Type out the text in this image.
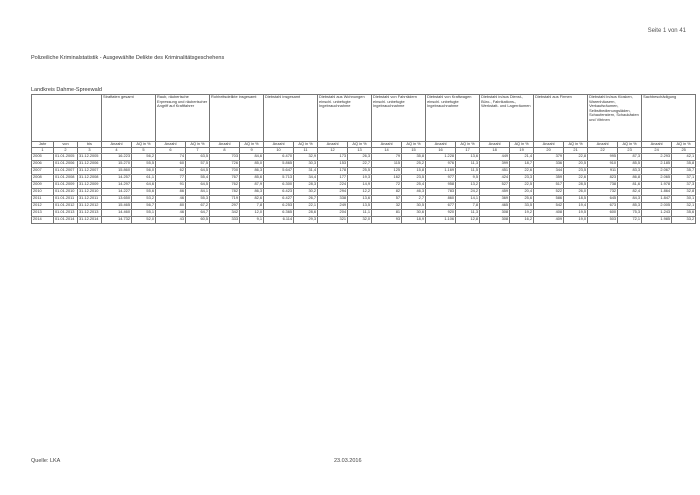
Seite 1 von 41
Polizeiliche Kriminalstatistik - Ausgewählte Delikte des Kriminalitätsgeschehens
Landkreis Dahme-Spreewald
			Straftaten gesamt		Raub, räuberische Erpressung und räuberischer Angriff auf Kraftfahrer		Rohheitsdelikte insgesamt		Diebstahl insgesamt		Diebstahl aus Wohnungen einschl. unbefugte Ingebrauchnahme		Diebstahl von Fahrrädern einschl. unbefugte Ingebrauchnahme		Diebstahl von Kraftwagen einschl. unbefugte Ingebrauchnahme		Diebstahl in/aus Dienst-, Büro-, Fabrikations-, Werkstatt- und Lagerräumen		Diebstahl aus Firmen		Diebstahl in/aus Kiosken, Warenhäusern, Verkaufsräumen, Selbstbedienungsläden, Schaufenstern, Schaukästen und Vitrinen		Sachbeschädigung	
Jahr	von	bis	Anzahl	AQ in %	Anzahl	AQ in %	Anzahl	AQ in %	Anzahl	AQ in %	Anzahl	AQ in %	Anzahl	AQ in %	Anzahl	AQ in %	Anzahl	AQ in %	Anzahl	AQ in %	Anzahl	AQ in %	Anzahl	AQ in %
1	2	3	4	5	6	7	8	9	10	11	12	13	14	15	16	17	18	19	20	21	22	23	24	25
2005	01.01.2005	31.12.2005	16.223	56,2	74	63,5	703	84,6	6.470	32,9	173	26,3	79	35,8	1.228	13,6	449	21,4	379	22,8	995	87,3	2.293	42,1
2006	01.01.2006	31.12.2006	15.270	55,5	60	57,5	726	85,0	5.865	30,3	153	22,7	115	25,2	976	11,3	399	18,7	336	20,5	910	85,5	2.185	35,8
2007	01.01.2007	31.12.2007	15.860	56,0	62	64,5	700	86,3	5.647	31,4	178	25,5	125	15,8	1.169	11,5	451	22,6	344	23,5	911	83,3	2.067	35,7
2008	01.01.2008	31.12.2008	14.257	61,1	77	55,4	767	85,6	5.713	34,4	177	19,3	162	23,5	977	9,5	424	23,3	359	22,6	823	86,8	2.065	37,1
2009	01.01.2009	31.12.2009	14.297	64,6	91	64,5	762	87,9	6.300	28,3	224	14,9	72	25,4	958	13,2	527	22,5	517	28,5	738	81,6	1.978	37,3
2010	01.01.2010	31.12.2010	14.227	55,6	86	84,1	782	86,3	6.423	30,2	294	12,2	82	46,3	783	24,2	459	20,4	522	26,0	732	82,4	1.864	32,8
2011	01.01.2011	31.12.2011	13.650	53,2	46	55,3	719	82,6	6.427	26,7	338	13,6	57	2,7	860	14,1	369	25,6	586	18,5	645	84,3	1.847	30,1
2012	01.01.2012	31.12.2012	15.465	56,7	80	67,2	297	7,8	6.253	22,1	249	13,5	32	30,5	677	7,8	465	33,5	542	19,4	673	85,3	2.005	32,1
2013	01.01.2013	31.12.2013	14.460	55,1	46	64,7	342	12,0	6.365	28,6	204	11,1	81	30,6	920	11,3	308	19,2	408	19,5	600	75,3	1.243	35,6
2014	01.01.2014	31.12.2014	14.732	52,0	43	60,5	333	9,1	6.114	29,3	321	32,0	93	18,9	1.106	12,8	308	16,2	409	19,0	503	72,1	1.985	33,2
Quelle: LKA	23.03.2016
